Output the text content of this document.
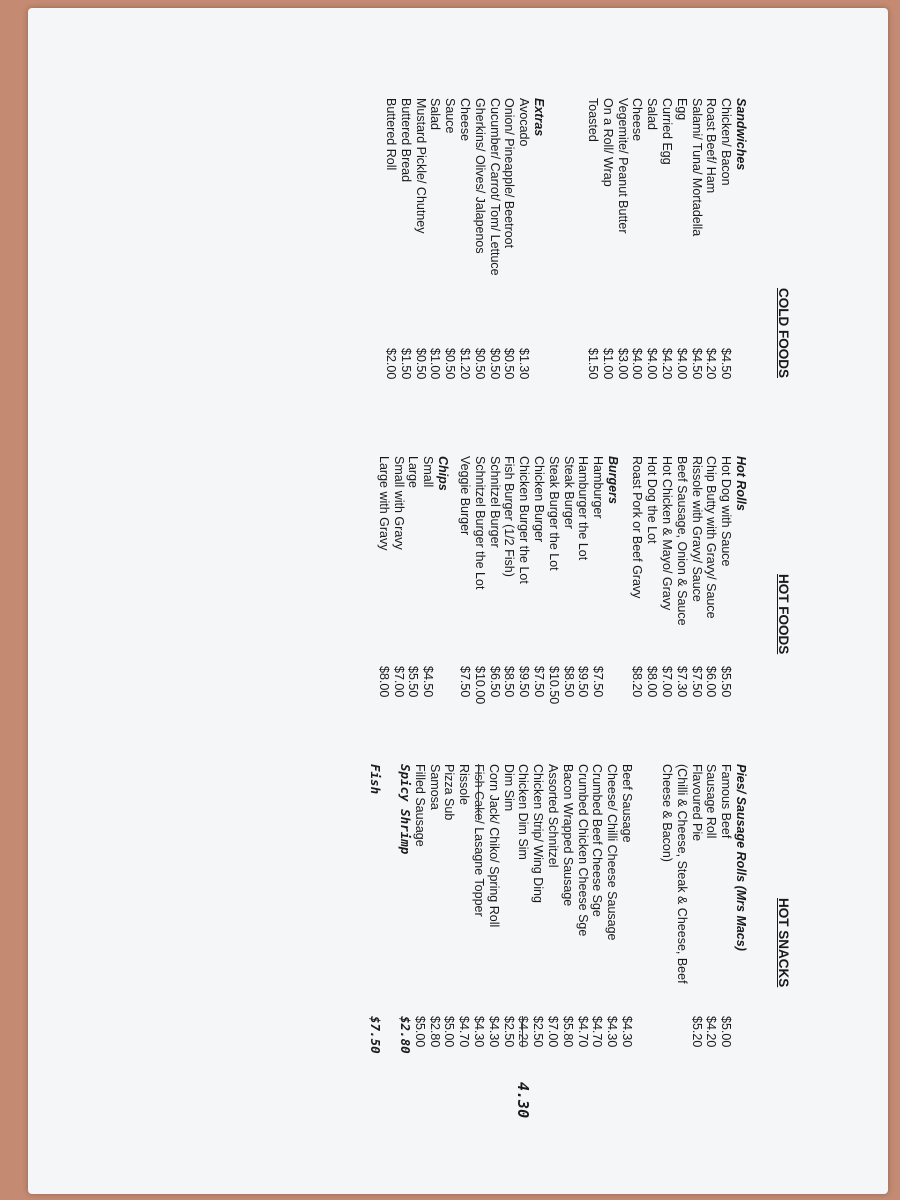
COLD FOODS
Sandwiches
Chicken/ Bacon
$4.50
Roast Beef/ Ham
$4.20
Salami/ Tuna/ Mortadella
$4.50
Egg
$4.00
Curried Egg
$4.20
Salad
$4.00
Cheese
$4.00
Vegemite/ Peanut Butter
$3.00
On a Roll/ Wrap
$1.00
Toasted
$1.50
Extras
Avocado
$1.30
Onion/ Pineapple/ Beetroot
$0.50
Cucumber/ Carrot/ Tom/ Lettuce
$0.50
Gherkins/ Olives/ Jalapenos
$0.50
Cheese
$1.20
Sauce
$0.50
Salad
$1.00
Mustard Pickle/ Chutney
$0.50
Buttered Bread
$1.50
Buttered Roll
$2.00
HOT FOODS
Hot Rolls
Hot Dog with Sauce
$5.50
Chip Butty with Gravy/ Sauce
$6.00
Rissole with Gravy/ Sauce
$7.50
Beef Sausage, Onion & Sauce
$7.30
Hot Chicken & Mayo/ Gravy
$7.00
Hot Dog the Lot
$8.00
Roast Pork or Beef Gravy
$8.20
Burgers
Hamburger
$7.50
Hamburger the Lot
$9.50
Steak Burger
$8.50
Steak Burger the Lot
$10.50
Chicken Burger
$7.50
Chicken Burger the Lot
$9.50
Fish Burger (1/2 Fish)
$8.50
Schnitzel Burger
$6.50
Schnitzel Burger the Lot
$10.00
Veggie Burger
$7.50
Chips
Small
$4.50
Large
$5.50
Small with Gravy
$7.00
Large with Gravy
$8.00
HOT SNACKS
Pies/ Sausage Rolls (Mrs Macs)
Famous Beef
$5.00
Sausage Roll
$4.20
Flavoured Pie
$5.20
(Chilli & Cheese, Steak & Cheese, Beef
Cheese & Bacon)
Beef Sausage
$4.30
Cheese/ Chilli Cheese Sausage
$4.30
Crumbed Beef Cheese Sge
$4.70
Crumbed Chicken Cheese Sge
$4.70
Bacon Wrapped Sausage
$5.80
Assorted Schnitzel
$7.00
Chicken Strip/ Wing Ding
$2.50
Chicken Dim Sim
$4.20
4.30
Dim Sim
$2.50
Corn Jack/ Chiko/ Spring Roll
$4.30
Fish Cake/ Lasagne Topper
$4.30
Rissole
$4.70
Pizza Sub
$5.00
Samosa
$2.80
Filled Sausage
$5.00
Spicy Shrimp
$2.80
Fish
$7.50
